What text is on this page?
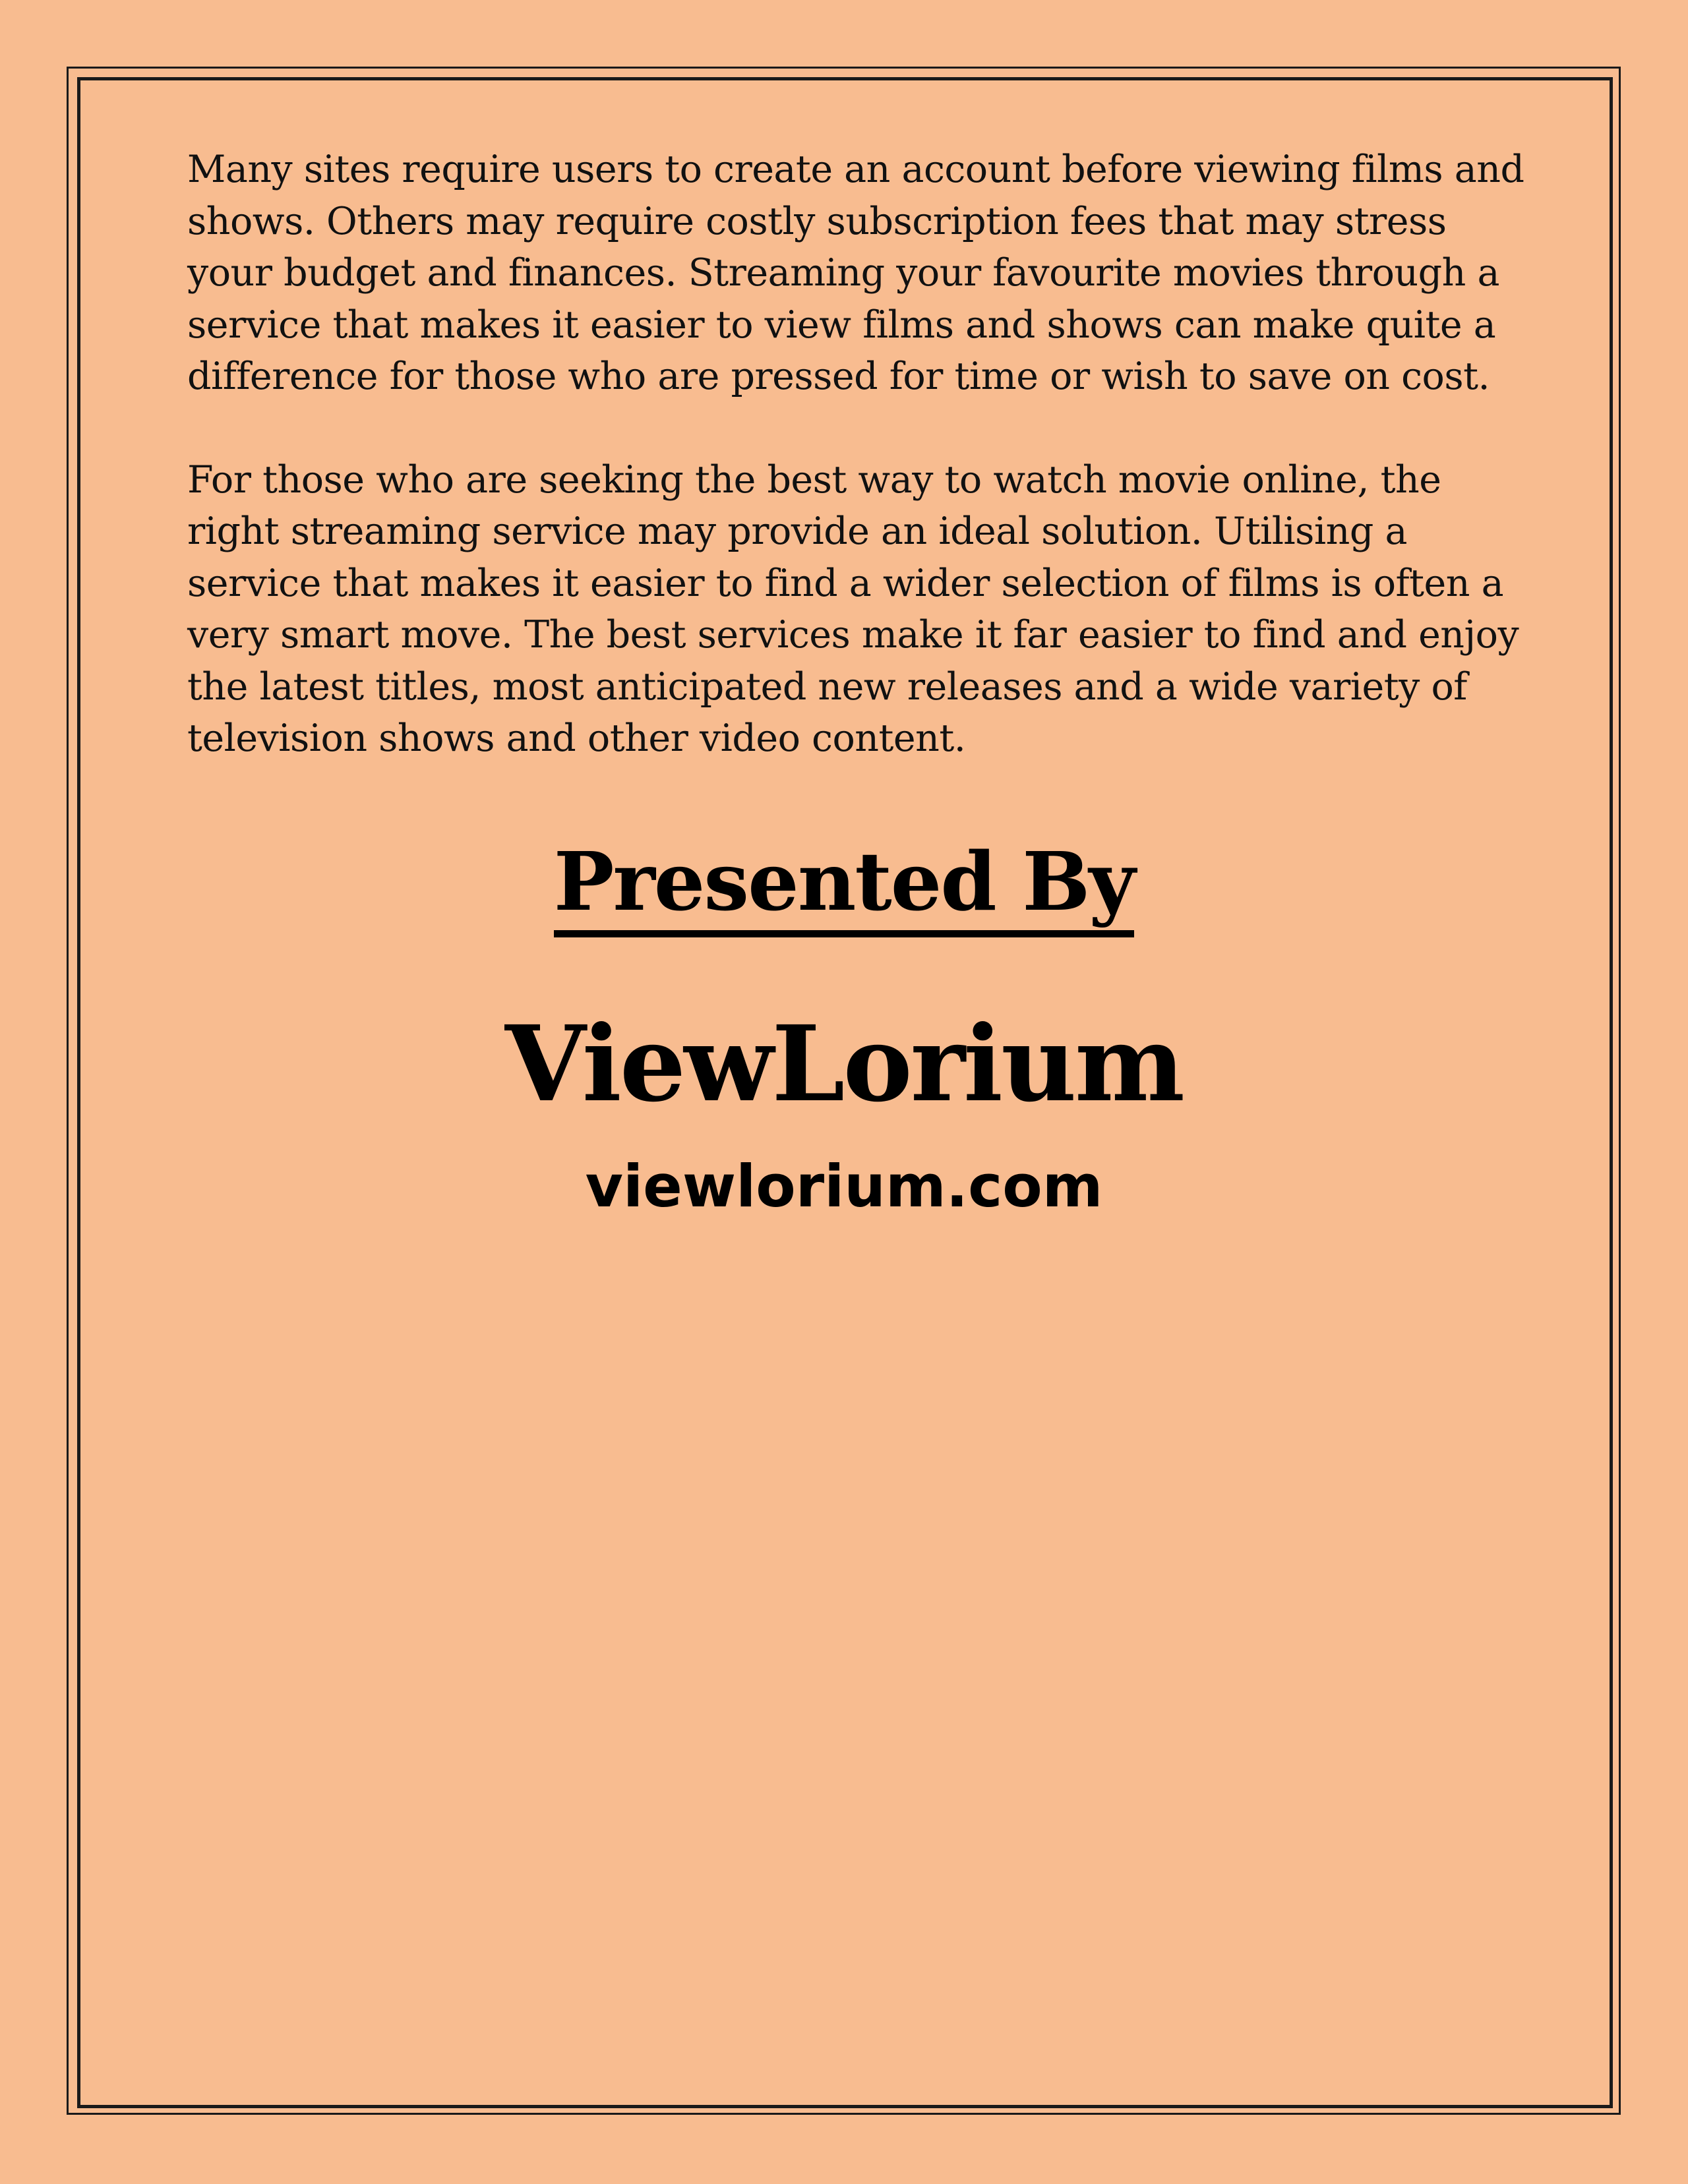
Many sites require users to create an account before viewing films and shows. Others may require costly subscription fees that may stress your budget and finances. Streaming your favourite movies through a service that makes it easier to view films and shows can make quite a difference for those who are pressed for time or wish to save on cost.

For those who are seeking the best way to watch movie online, the right streaming service may provide an ideal solution. Utilising a service that makes it easier to find a wider selection of films is often a very smart move. The best services make it far easier to find and enjoy the latest titles, most anticipated new releases and a wide variety of television shows and other video content.

Presented By
ViewLorium
viewlorium.com
